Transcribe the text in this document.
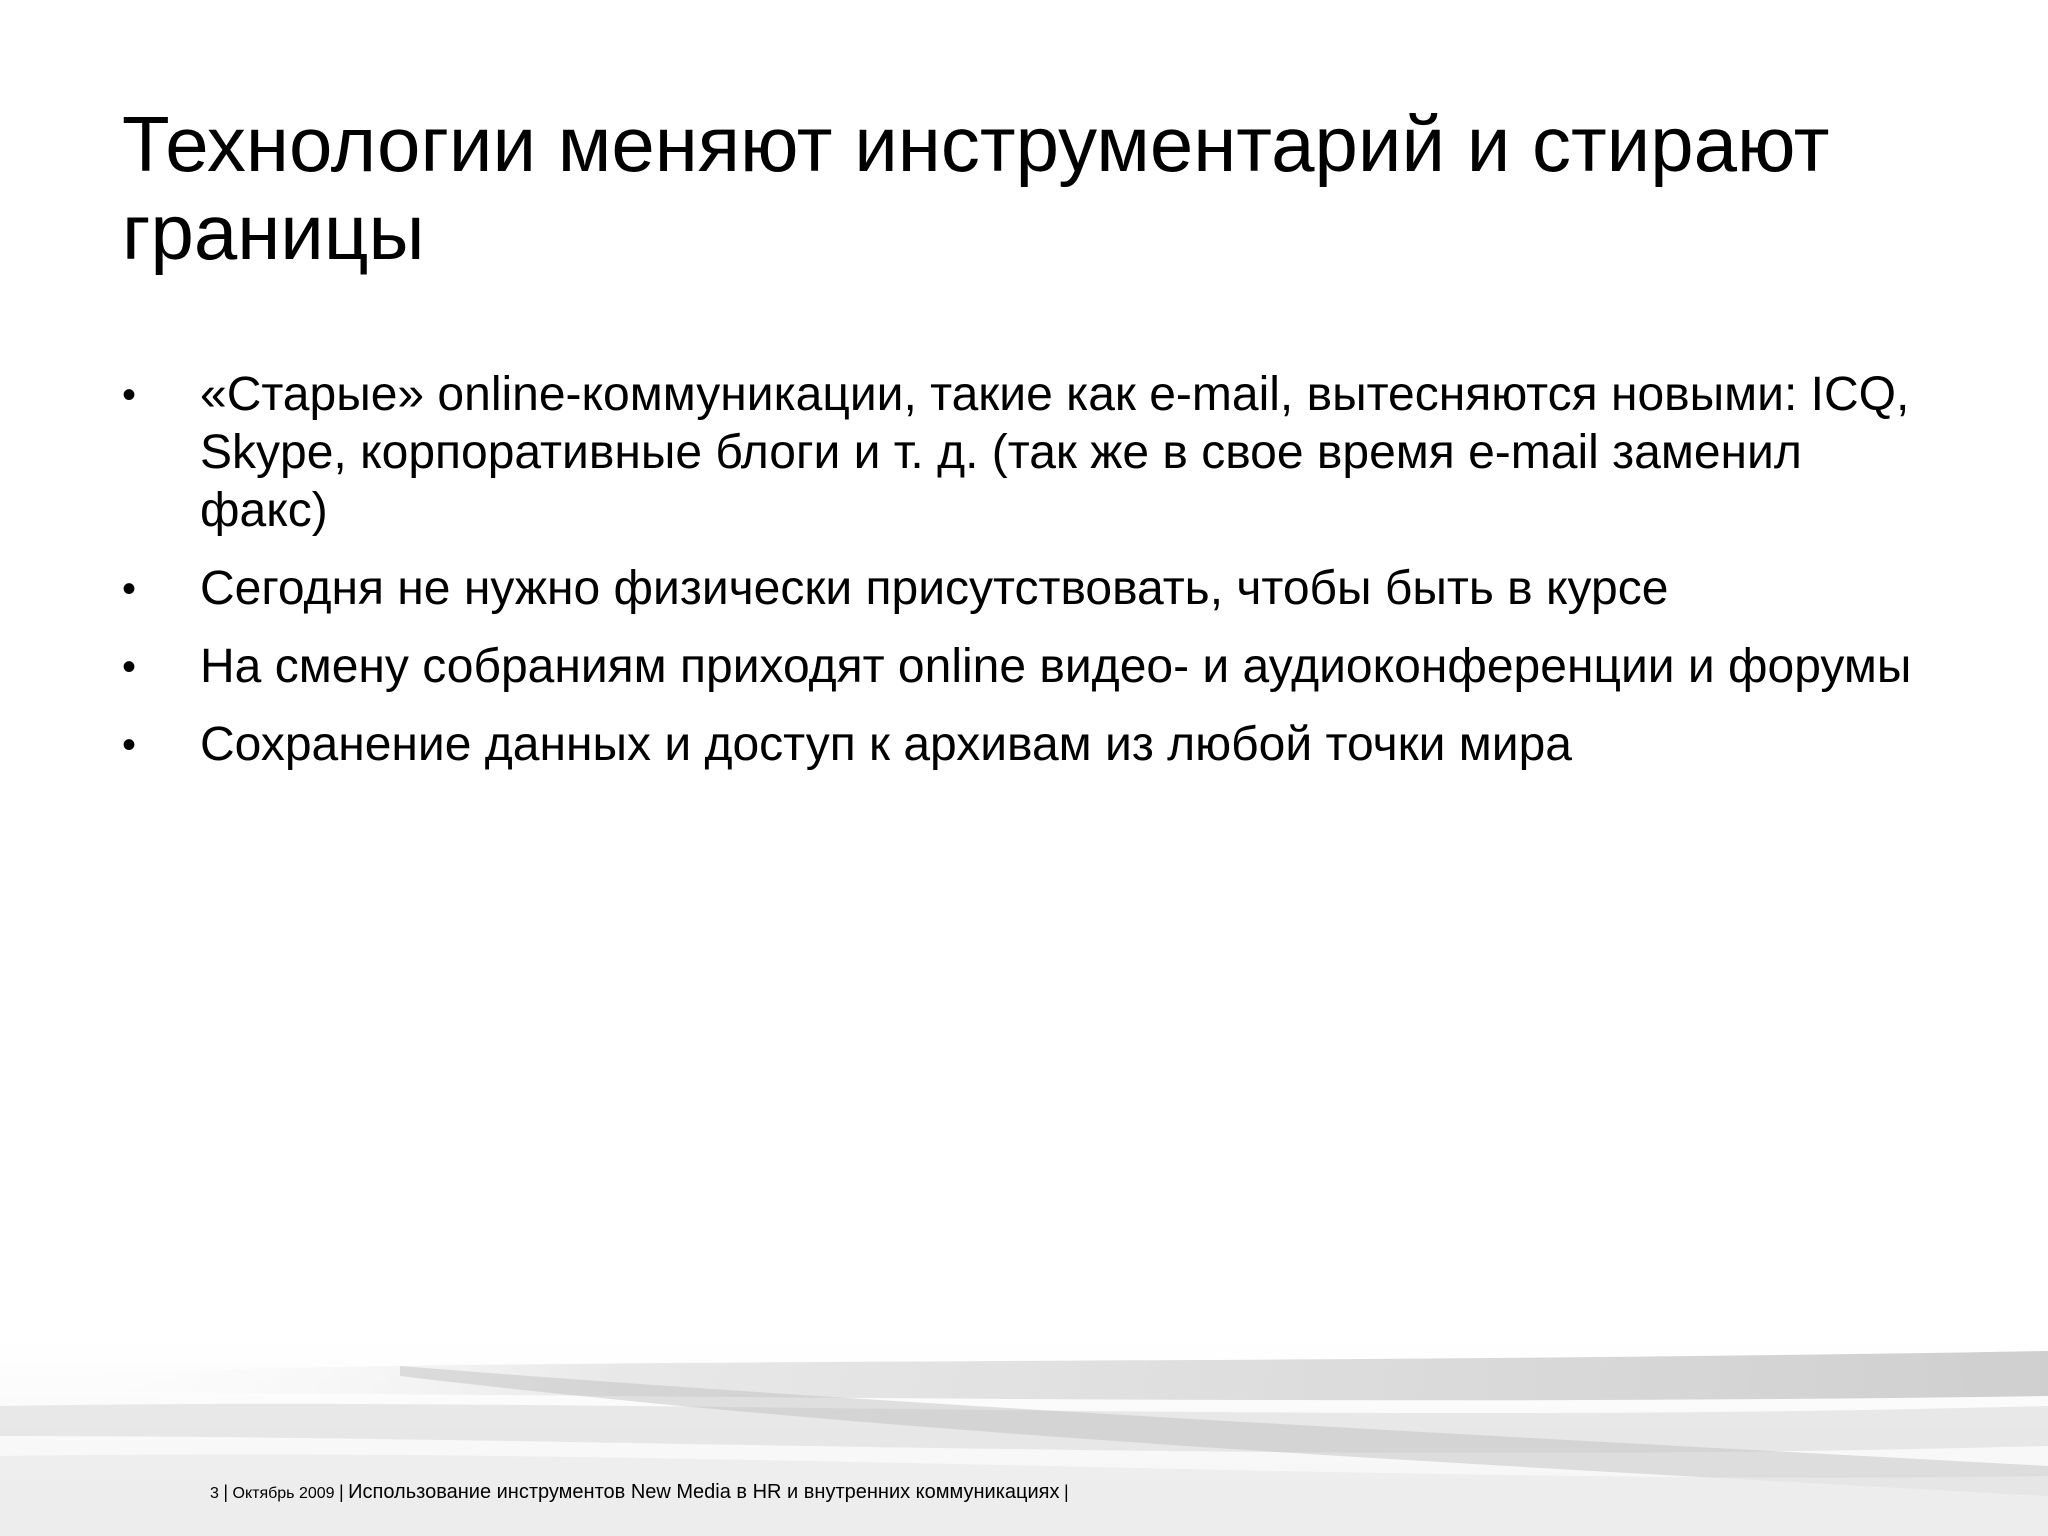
Технологии меняют инструментарий и стирают границы
•	«Старые» online-коммуникации, такие как e-mail, вытесняются новыми: ICQ, Skype, корпоративные блоги и т. д. (так же в свое время e-mail заменил факс)
•	Сегодня не нужно физически присутствовать, чтобы быть в курсе
•	На смену собраниям приходят online видео- и аудиоконференции и форумы
•	Сохранение данных и доступ к архивам из любой точки мира
3 | Октябрь 2009 | Использование инструментов New Media в HR и внутренних коммуникациях |
